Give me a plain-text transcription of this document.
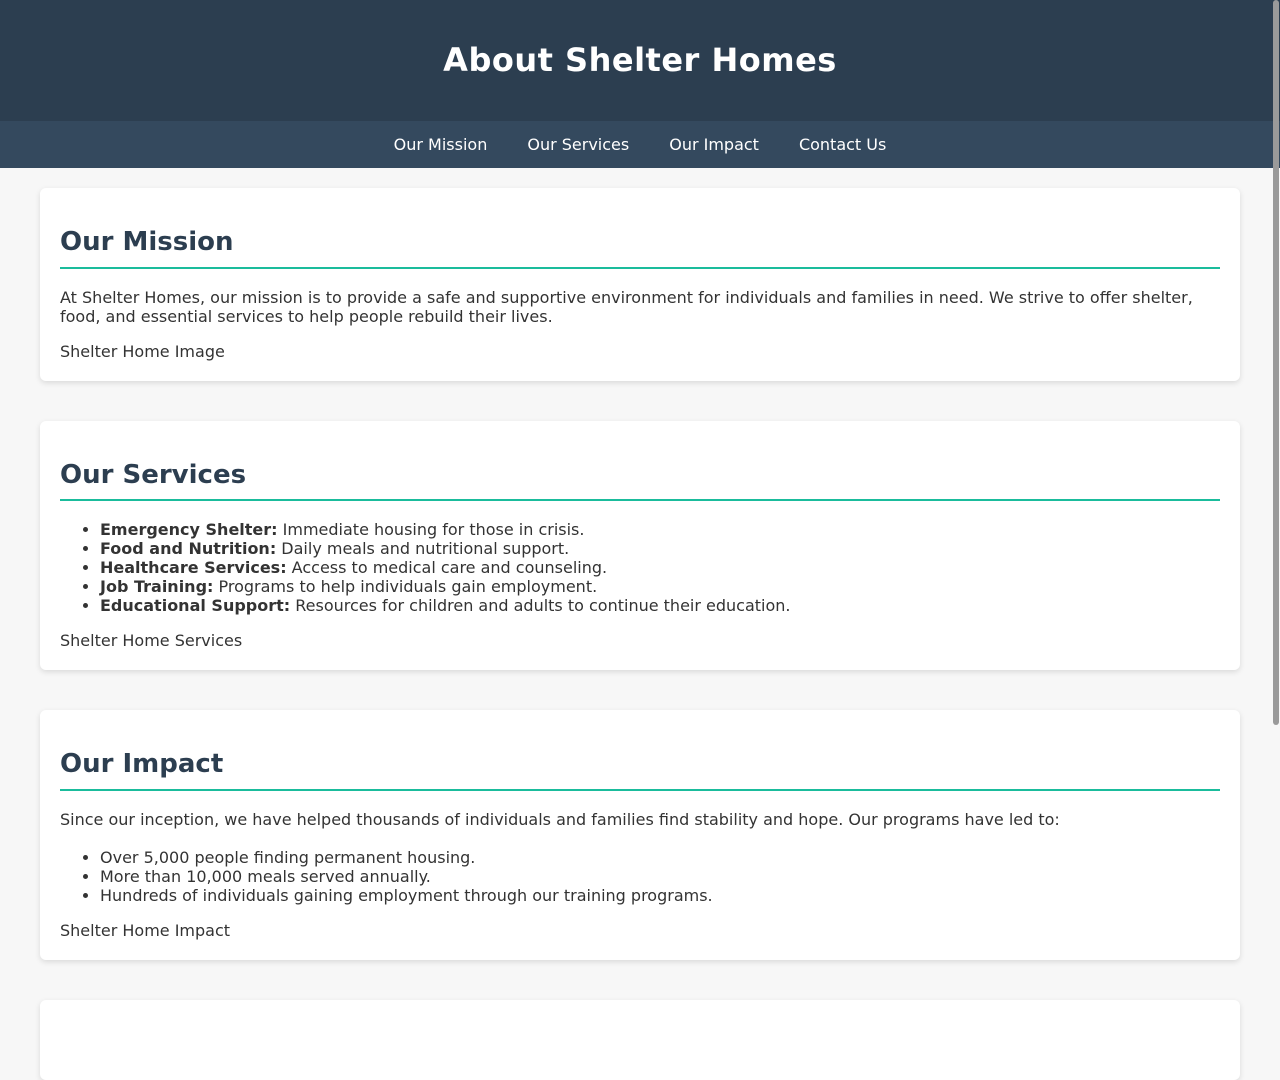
About Shelter Homes
Our Mission	Our Services	Our Impact	Contact Us
Our Mission

At Shelter Homes, our mission is to provide a safe and supportive environment for individuals and families in need. We strive to offer shelter, food, and essential services to help people rebuild their lives.

Shelter Home Image

Our Services
• Emergency Shelter: Immediate housing for those in crisis.
• Food and Nutrition: Daily meals and nutritional support.
• Healthcare Services: Access to medical care and counseling.
• Job Training: Programs to help individuals gain employment.
• Educational Support: Resources for children and adults to continue their education.

Shelter Home Services

Our Impact

Since our inception, we have helped thousands of individuals and families find stability and hope. Our programs have led to:

• Over 5,000 people finding permanent housing.
• More than 10,000 meals served annually.
• Hundreds of individuals gaining employment through our training programs.

Shelter Home Impact
